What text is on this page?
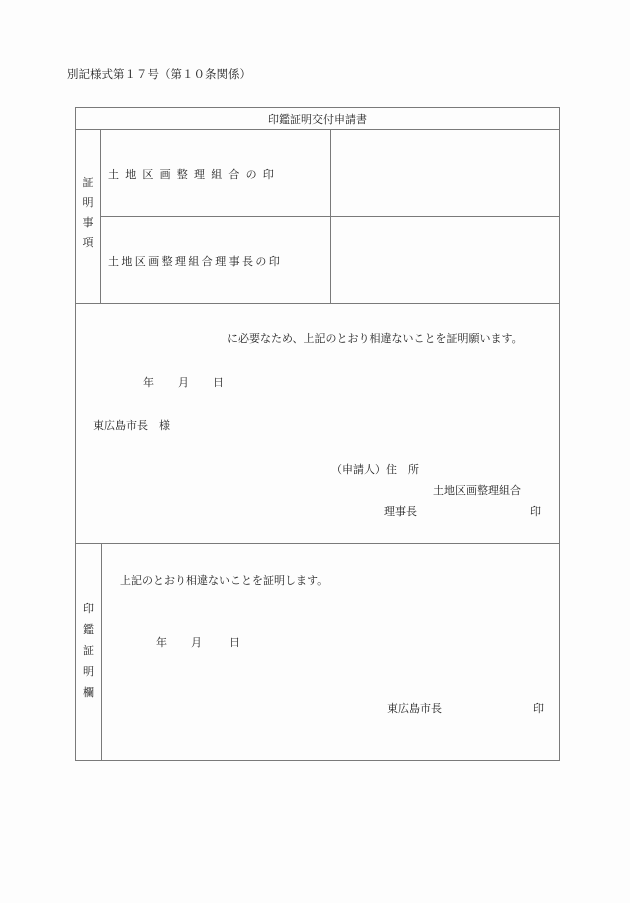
別記様式第１７号（第１０条関係）
印鑑証明交付申請書
証
明
事
項
土地区画整理組合の印
土地区画整理組合理事長の印
に必要なため、上記のとおり相違ないことを証明願います。
年 月 日
東広島市長　様
（申請人）住　所
土地区画整理組合
理事長	印
印
鑑
証
明
欄
上記のとおり相違ないことを証明します。
年 月 日
東広島市長	印
